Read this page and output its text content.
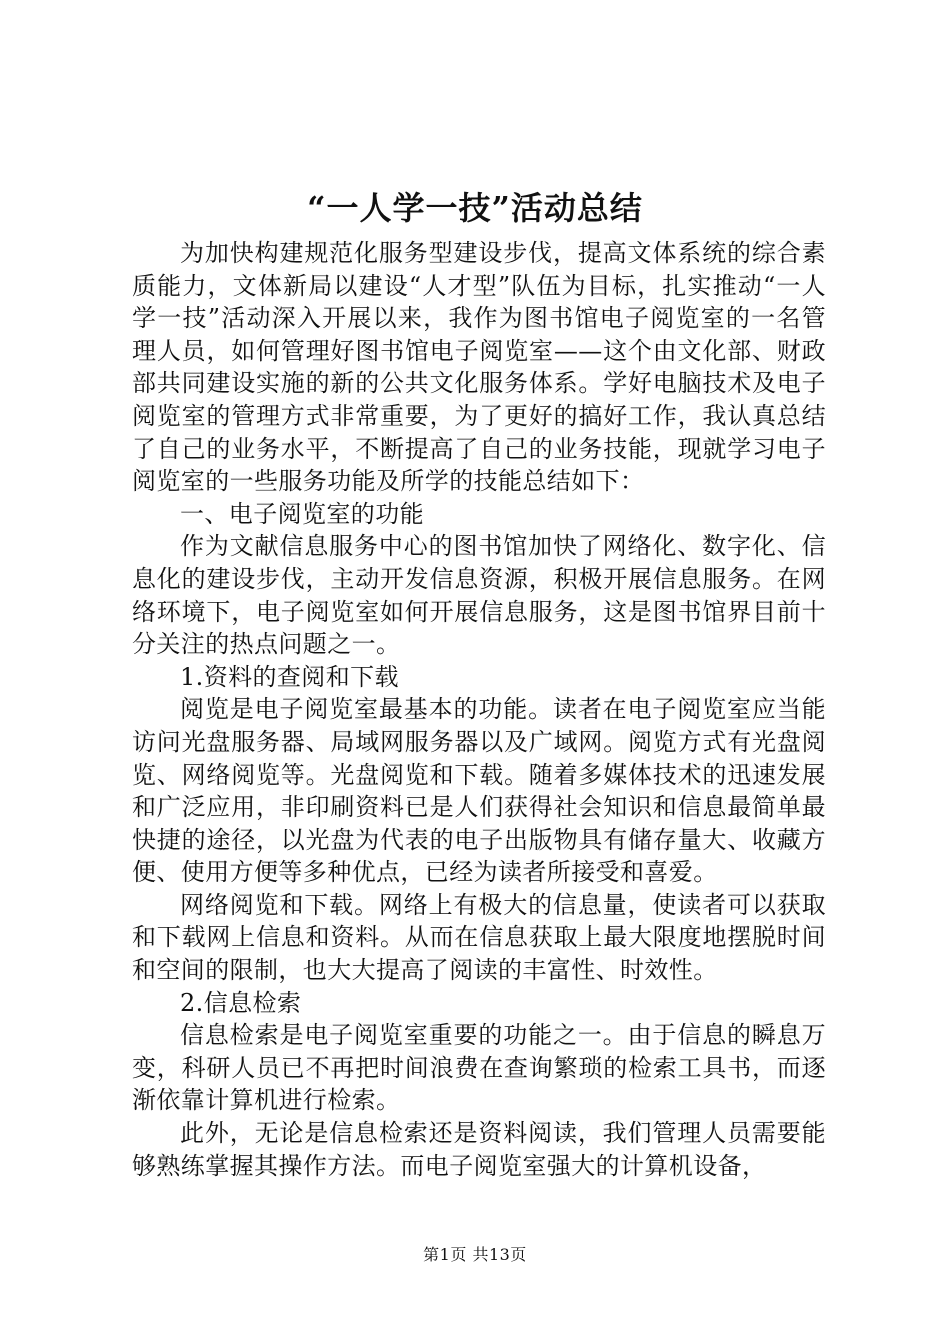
“一人学一技”活动总结

为加快构建规范化服务型建设步伐，提高文体系统的综合素质能力，文体新局以建设“人才型”队伍为目标，扎实推动“一人学一技”活动深入开展以来，我作为图书馆电子阅览室的一名管理人员，如何管理好图书馆电子阅览室——这个由文化部、财政部共同建设实施的新的公共文化服务体系。学好电脑技术及电子阅览室的管理方式非常重要，为了更好的搞好工作，我认真总结了自己的业务水平，不断提高了自己的业务技能，现就学习电子阅览室的一些服务功能及所学的技能总结如下：

一、电子阅览室的功能

作为文献信息服务中心的图书馆加快了网络化、数字化、信息化的建设步伐，主动开发信息资源，积极开展信息服务。在网络环境下，电子阅览室如何开展信息服务，这是图书馆界目前十分关注的热点问题之一。

1.资料的查阅和下载

阅览是电子阅览室最基本的功能。读者在电子阅览室应当能访问光盘服务器、局域网服务器以及广域网。阅览方式有光盘阅览、网络阅览等。光盘阅览和下载。随着多媒体技术的迅速发展和广泛应用，非印刷资料已是人们获得社会知识和信息最简单最快捷的途径，以光盘为代表的电子出版物具有储存量大、收藏方便、使用方便等多种优点，已经为读者所接受和喜爱。

网络阅览和下载。网络上有极大的信息量，使读者可以获取和下载网上信息和资料。从而在信息获取上最大限度地摆脱时间和空间的限制，也大大提高了阅读的丰富性、时效性。

2.信息检索

信息检索是电子阅览室重要的功能之一。由于信息的瞬息万变，科研人员已不再把时间浪费在查询繁琐的检索工具书，而逐渐依靠计算机进行检索。

此外，无论是信息检索还是资料阅读，我们管理人员需要能够熟练掌握其操作方法。而电子阅览室强大的计算机设备，

第1页 共13页
